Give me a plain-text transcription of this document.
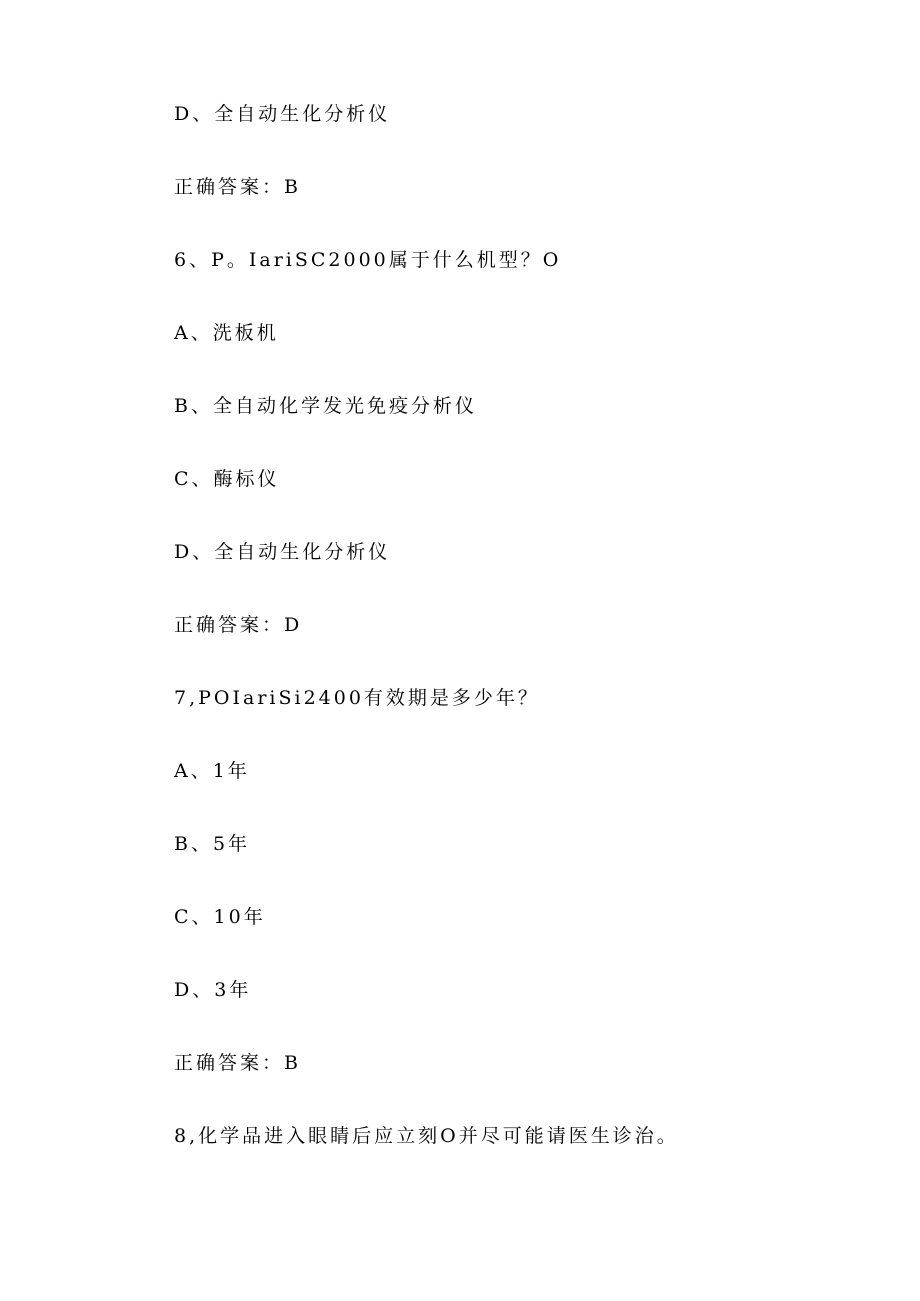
D、全自动生化分析仪
正确答案：B
6、P。IariSC2000属于什么机型？O
A、洗板机
B、全自动化学发光免疫分析仪
C、酶标仪
D、全自动生化分析仪
正确答案：D
7,POIariSi2400有效期是多少年？
A、1年
B、5年
C、10年
D、3年
正确答案：B
8,化学品进入眼睛后应立刻O并尽可能请医生诊治。
